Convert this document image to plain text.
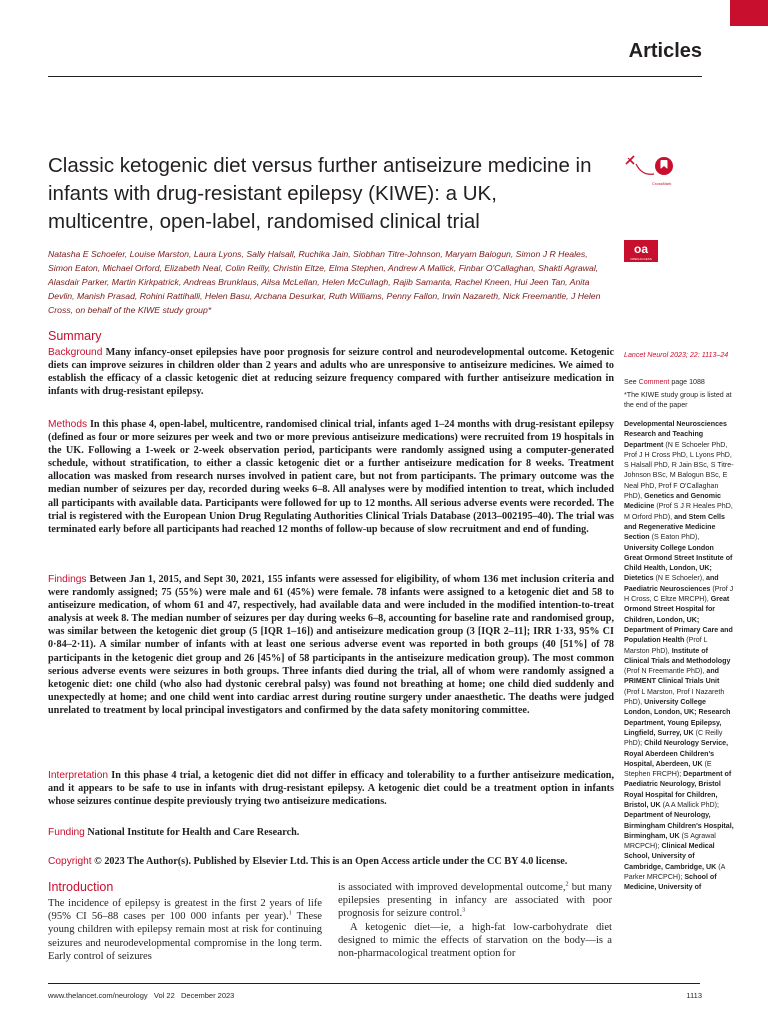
Articles
Classic ketogenic diet versus further antiseizure medicine in infants with drug-resistant epilepsy (KIWE): a UK, multicentre, open-label, randomised clinical trial
CrossMark
oa
OPEN ACCESS
Natasha E Schoeler, Louise Marston, Laura Lyons, Sally Halsall, Ruchika Jain, Siobhan Titre-Johnson, Maryam Balogun, Simon J R Heales, Simon Eaton, Michael Orford, Elizabeth Neal, Colin Reilly, Christin Eltze, Elma Stephen, Andrew A Mallick, Finbar O'Callaghan, Shakti Agrawal, Alasdair Parker, Martin Kirkpatrick, Andreas Brunklaus, Ailsa McLellan, Helen McCullagh, Rajib Samanta, Rachel Kneen, Hui Jeen Tan, Anita Devlin, Manish Prasad, Rohini Rattihalli, Helen Basu, Archana Desurkar, Ruth Williams, Penny Fallon, Irwin Nazareth, Nick Freemantle, J Helen Cross, on behalf of the KIWE study group*
Summary

Background Many infancy-onset epilepsies have poor prognosis for seizure control and neurodevelopmental outcome. Ketogenic diets can improve seizures in children older than 2 years and adults who are unresponsive to antiseizure medicines. We aimed to establish the efficacy of a classic ketogenic diet at reducing seizure frequency compared with further antiseizure medication in infants with drug-resistant epilepsy.

Methods In this phase 4, open-label, multicentre, randomised clinical trial, infants aged 1–24 months with drug-resistant epilepsy (defined as four or more seizures per week and two or more previous antiseizure medications) were recruited from 19 hospitals in the UK. Following a 1-week or 2-week observation period, participants were randomly assigned using a computer-generated schedule, without stratification, to either a classic ketogenic diet or a further antiseizure medication for 8 weeks. Treatment allocation was masked from research nurses involved in patient care, but not from participants. The primary outcome was the median number of seizures per day, recorded during weeks 6–8. All analyses were by modified intention to treat, which included all participants with available data. Participants were followed for up to 12 months. All serious adverse events were recorded. The trial is registered with the European Union Drug Regulating Authorities Clinical Trials Database (2013–002195–40). The trial was terminated early before all participants had reached 12 months of follow-up because of slow recruitment and end of funding.

Findings Between Jan 1, 2015, and Sept 30, 2021, 155 infants were assessed for eligibility, of whom 136 met inclusion criteria and were randomly assigned; 75 (55%) were male and 61 (45%) were female. 78 infants were assigned to a ketogenic diet and 58 to antiseizure medication, of whom 61 and 47, respectively, had available data and were included in the modified intention-to-treat analysis at week 8. The median number of seizures per day during weeks 6–8, accounting for baseline rate and randomised group, was similar between the ketogenic diet group (5 [IQR 1–16]) and antiseizure medication group (3 [IQR 2–11]; IRR 1·33, 95% CI 0·84–2·11). A similar number of infants with at least one serious adverse event was reported in both groups (40 [51%] of 78 participants in the ketogenic diet group and 26 [45%] of 58 participants in the antiseizure medication group). The most common serious adverse events were seizures in both groups. Three infants died during the trial, all of whom were randomly assigned a ketogenic diet: one child (who also had dystonic cerebral palsy) was found not breathing at home; one child died suddenly and unexpectedly at home; and one child went into cardiac arrest during routine surgery under anaesthetic. The deaths were judged unrelated to treatment by local principal investigators and confirmed by the data safety monitoring committee.

Interpretation In this phase 4 trial, a ketogenic diet did not differ in efficacy and tolerability to a further antiseizure medication, and it appears to be safe to use in infants with drug-resistant epilepsy. A ketogenic diet could be a treatment option in infants whose seizures continue despite previously trying two antiseizure medications.

Funding National Institute for Health and Care Research.

Copyright © 2023 The Author(s). Published by Elsevier Ltd. This is an Open Access article under the CC BY 4.0 license.

Introduction

The incidence of epilepsy is greatest in the first 2 years of life (95% CI 56–88 cases per 100 000 infants per year).$^1$ These young children with epilepsy remain most at risk for continuing seizures and neurodevelopmental compromise in the long term. Early control of seizures

is associated with improved developmental outcome,$^2$ but many epilepsies presenting in infancy are associated with poor prognosis for seizure control.$^3$

A ketogenic diet—ie, a high-fat low-carbohydrate diet designed to mimic the effects of starvation on the body—is a non-pharmacological treatment option for

Lancet Neurol 2023; 22: 1113–24
See Comment page 1088
*The KIWE study group is listed at the end of the paper
Developmental Neurosciences Research and Teaching Department (N E Schoeler PhD, Prof J H Cross PhD, L Lyons PhD, S Halsall PhD, R Jain BSc, S Titre-Johnson BSc, M Balogun BSc, E Neal PhD, Prof F O'Callaghan PhD), Genetics and Genomic Medicine (Prof S J R Heales PhD, M Orford PhD), and Stem Cells and Regenerative Medicine Section (S Eaton PhD), University College London Great Ormond Street Institute of Child Health, London, UK; Dietetics (N E Schoeler), and Paediatric Neurosciences (Prof J H Cross, C Eltze MRCPH), Great Ormond Street Hospital for Children, London, UK; Department of Primary Care and Population Health (Prof L Marston PhD), Institute of Clinical Trials and Methodology (Prof N Freemantle PhD), and PRIMENT Clinical Trials Unit (Prof L Marston, Prof I Nazareth PhD), University College London, London, UK; Research Department, Young Epilepsy, Lingfield, Surrey, UK (C Reilly PhD); Child Neurology Service, Royal Aberdeen Children's Hospital, Aberdeen, UK (E Stephen FRCPH); Department of Paediatric Neurology, Bristol Royal Hospital for Children, Bristol, UK (A A Mallick PhD); Department of Neurology, Birmingham Children's Hospital, Birmingham, UK (S Agrawal MRCPCH); Clinical Medical School, University of Cambridge, Cambridge, UK (A Parker MRCPCH); School of Medicine, University of
www.thelancet.com/neurology   Vol 22   December 2023	1113
